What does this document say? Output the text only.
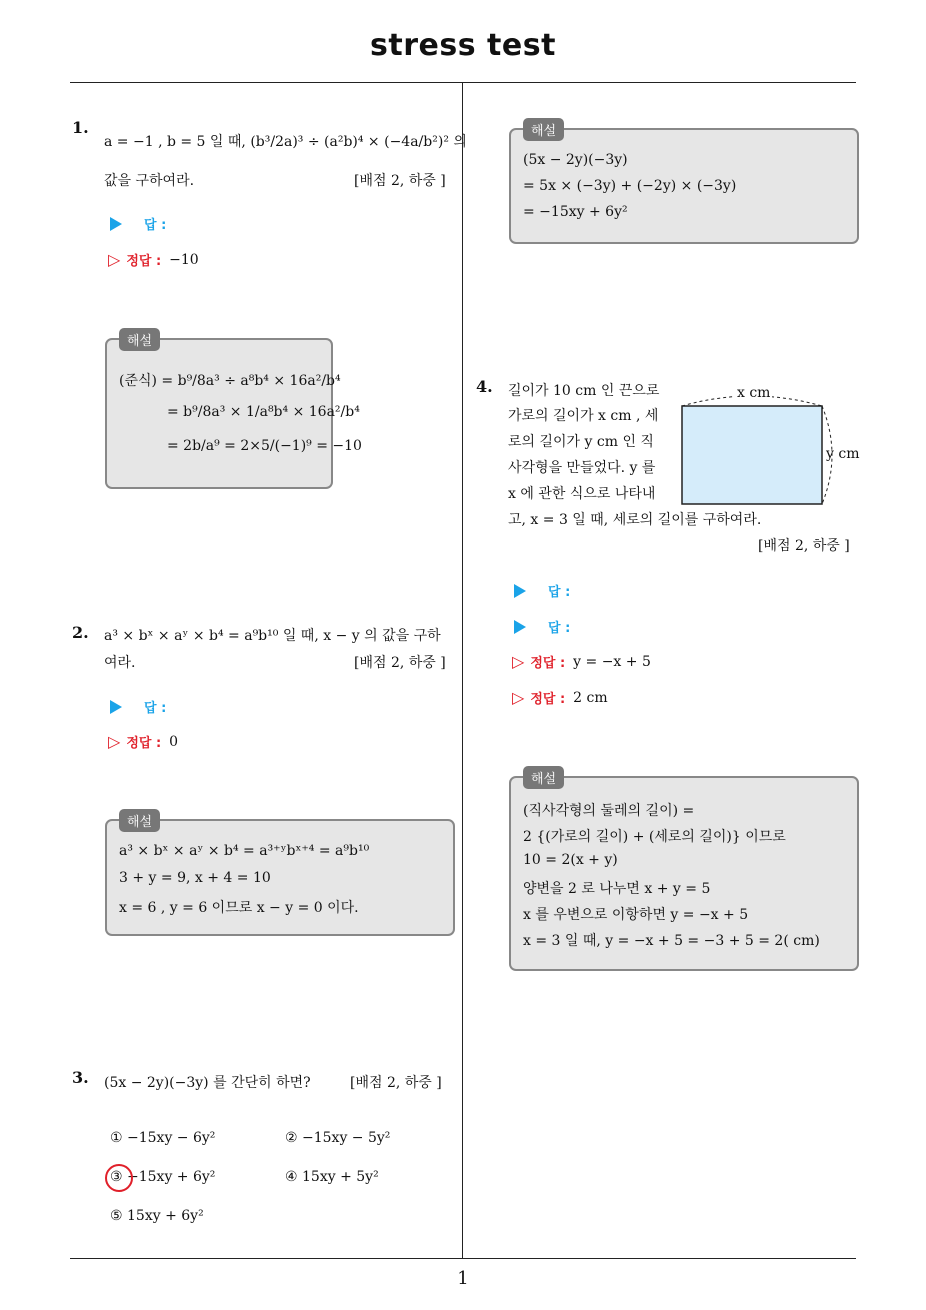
stress test
1.
a = −1 , b = 5 일 때, (b³/2a)³ ÷ (a²b)⁴ × (−4a/b²)² 의
값을 구하여라.	[배점 2, 하중 ]
답 :
▷ 정답 : −10
해설
(준식) = b⁹/8a³ ÷ a⁸b⁴ × 16a²/b⁴
= b⁹/8a³ × 1/a⁸b⁴ × 16a²/b⁴
= 2b/a⁹ = 2×5/(−1)⁹ = −10
2. a³ × bˣ × aʸ × b⁴ = a⁹b¹⁰ 일 때, x − y 의 값을 구하
여라.	[배점 2, 하중 ]
답 :
▷ 정답 : 0
해설
a³ × bˣ × aʸ × b⁴ = a³⁺ʸbˣ⁺⁴ = a⁹b¹⁰
3 + y = 9, x + 4 = 10
x = 6 , y = 6 이므로 x − y = 0 이다.
3. (5x − 2y)(−3y) 를 간단히 하면?	[배점 2, 하중 ]
① −15xy − 6y²	② −15xy − 5y²
③ −15xy + 6y²	④ 15xy + 5y²
⑤ 15xy + 6y²
해설
(5x − 2y)(−3y)
= 5x × (−3y) + (−2y) × (−3y)
= −15xy + 6y²
4. 길이가 10 cm 인 끈으로
가로의 길이가 x cm , 세
로의 길이가 y cm 인 직
사각형을 만들었다. y 를
x 에 관한 식으로 나타내
고, x = 3 일 때, 세로의 길이를 구하여라.
[배점 2, 하중 ]
x cm
y cm
답 :
답 :
▷ 정답 : y = −x + 5
▷ 정답 : 2 cm
해설
(직사각형의 둘레의 길이) =
2 {(가로의 길이) + (세로의 길이)} 이므로
10 = 2(x + y)
양변을 2 로 나누면 x + y = 5
x 를 우변으로 이항하면 y = −x + 5
x = 3 일 때, y = −x + 5 = −3 + 5 = 2( cm)
1
